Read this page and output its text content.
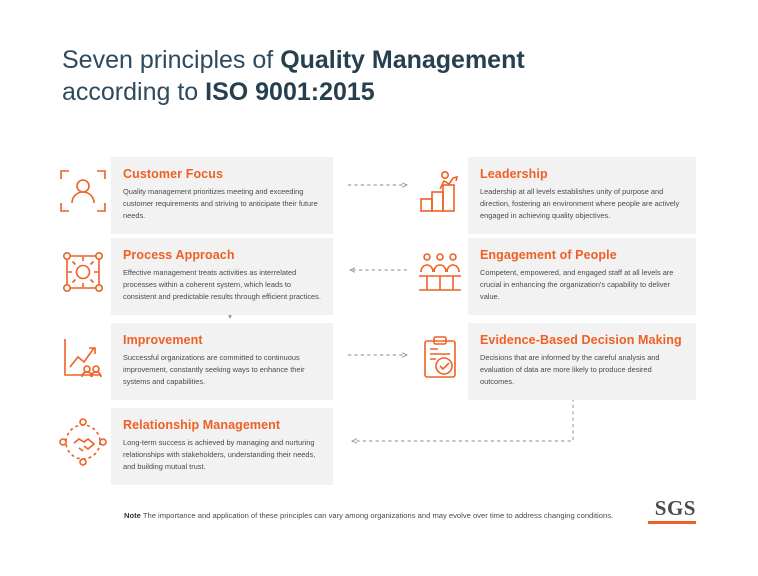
Seven principles of Quality Management
according to ISO 9001:2015
Customer Focus
Quality management prioritizes meeting and exceeding customer requirements and striving to anticipate their future needs.
Leadership
Leadership at all levels establishes unity of purpose and direction, fostering an environment where people are actively engaged in achieving quality objectives.
Process Approach
Effective management treats activities as interrelated processes within a coherent system, which leads to consistent and predictable results through efficient practices.
Engagement of People
Competent, empowered, and engaged staff at all levels are crucial in enhancing the organization's capability to deliver value.
Improvement
Successful organizations are committed to continuous improvement, constantly seeking ways to enhance their systems and capabilities.
Evidence-Based Decision Making
Decisions that are informed by the careful analysis and evaluation of data are more likely to produce desired outcomes.
Relationship Management
Long-term success is achieved by managing and nurturing relationships with stakeholders, understanding their needs, and building mutual trust.
Note The importance and application of these principles can vary among organizations and may evolve over time to address changing conditions.	SGS
